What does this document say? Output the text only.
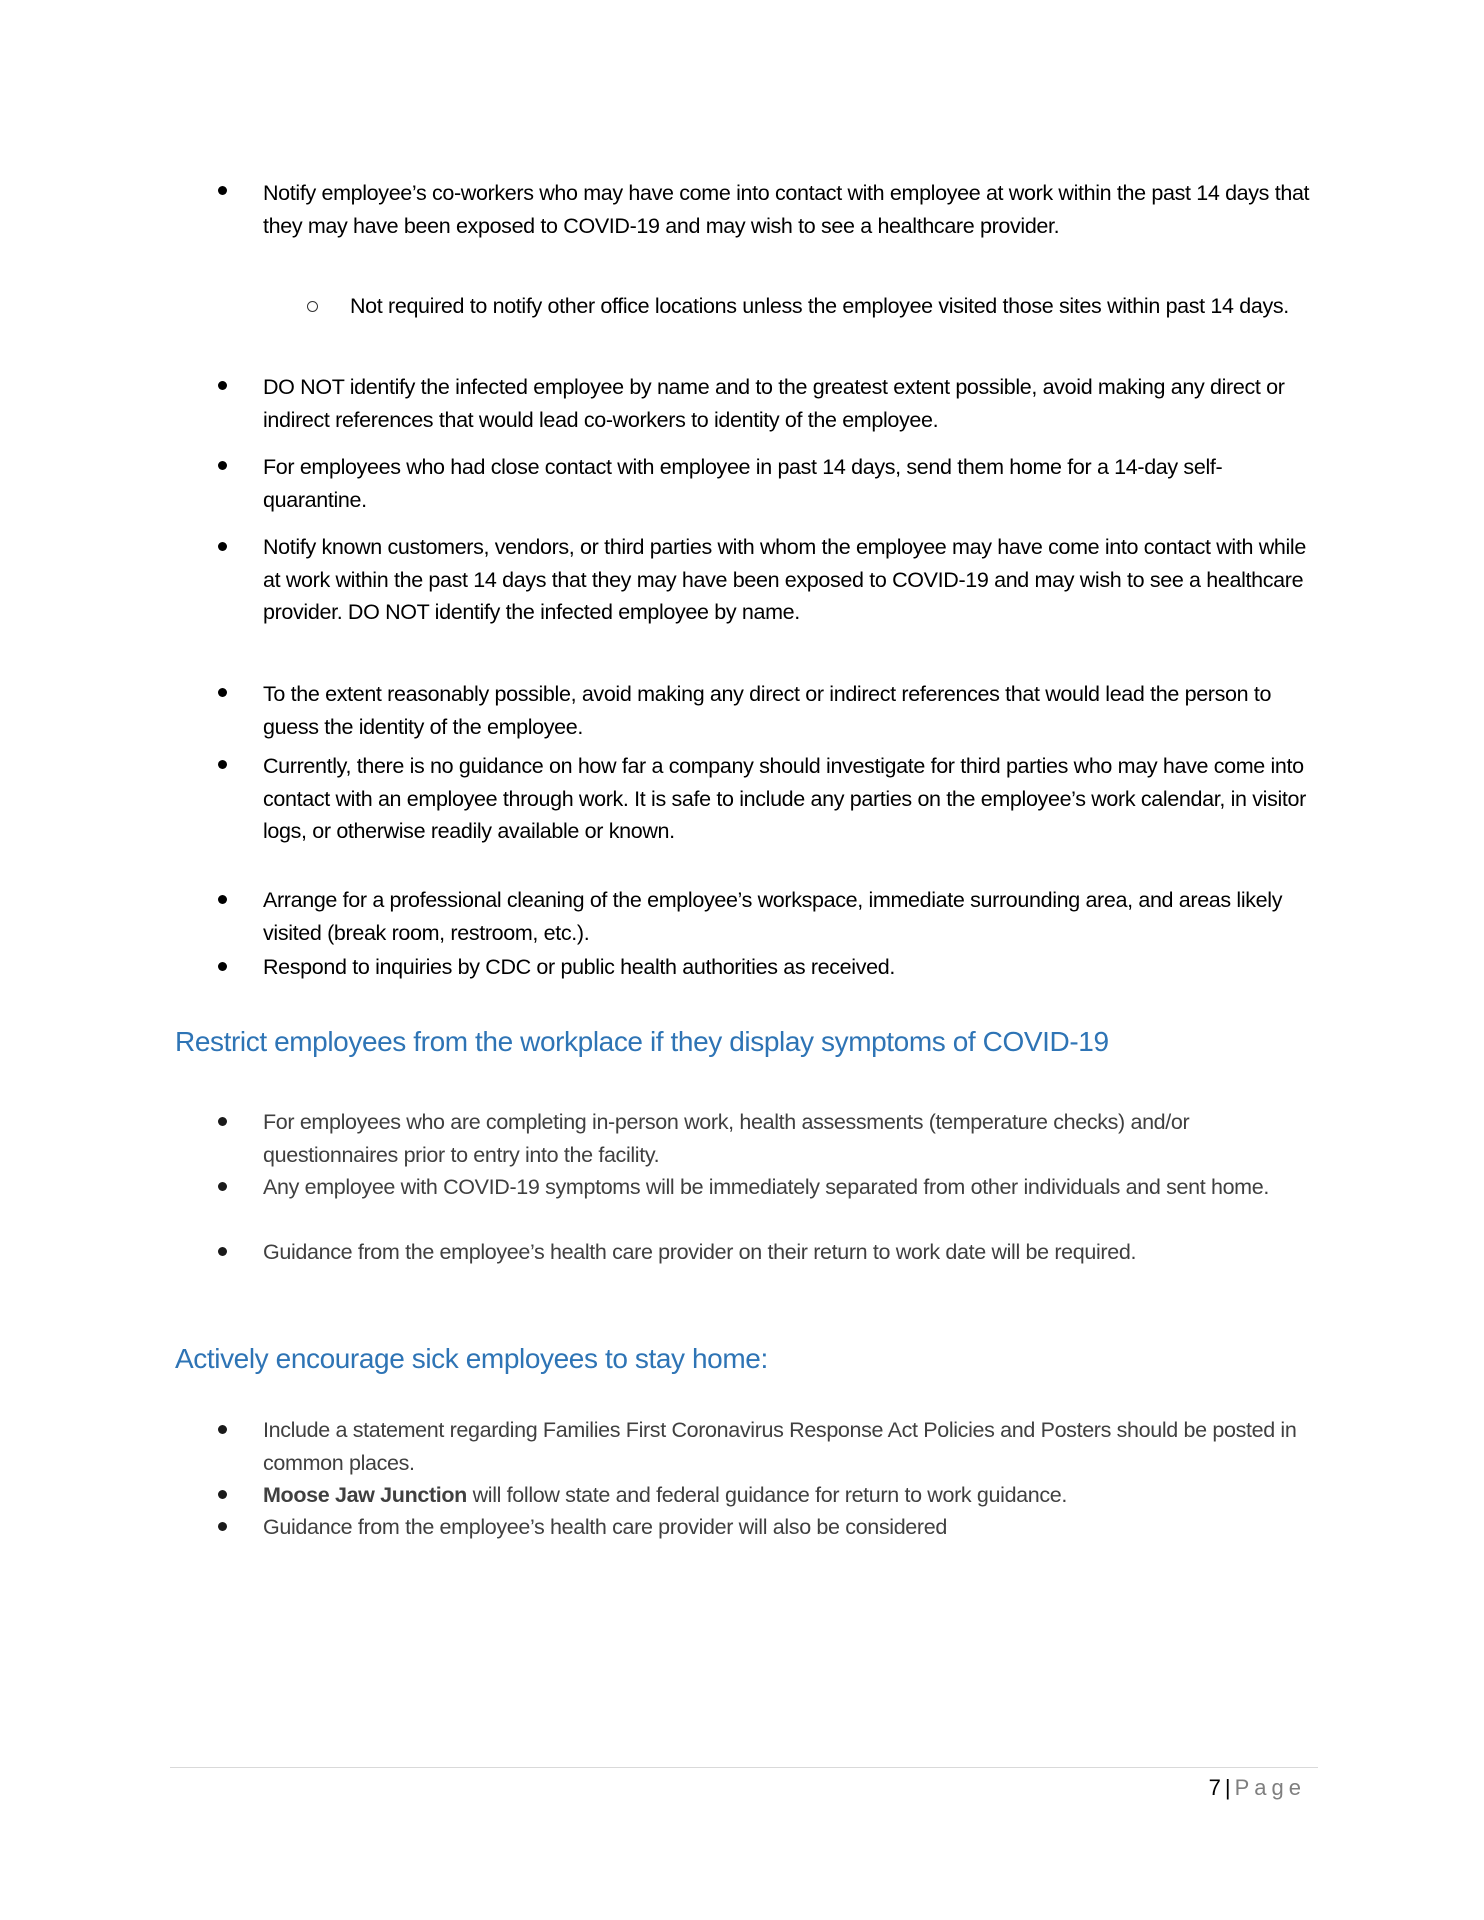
Notify employee’s co-workers who may have come into contact with employee at work within the past 14 days that they may have been exposed to COVID-19 and may wish to see a healthcare provider.
Not required to notify other office locations unless the employee visited those sites within past 14 days.
DO NOT identify the infected employee by name and to the greatest extent possible, avoid making any direct or indirect references that would lead co-workers to identity of the employee.
For employees who had close contact with employee in past 14 days, send them home for a 14-day self-quarantine.
Notify known customers, vendors, or third parties with whom the employee may have come into contact with while at work within the past 14 days that they may have been exposed to COVID-19 and may wish to see a healthcare provider. DO NOT identify the infected employee by name.
To the extent reasonably possible, avoid making any direct or indirect references that would lead the person to guess the identity of the employee.
Currently, there is no guidance on how far a company should investigate for third parties who may have come into contact with an employee through work. It is safe to include any parties on the employee’s work calendar, in visitor logs, or otherwise readily available or known.
Arrange for a professional cleaning of the employee’s workspace, immediate surrounding area, and areas likely visited (break room, restroom, etc.).
Respond to inquiries by CDC or public health authorities as received.
Restrict employees from the workplace if they display symptoms of COVID-19
For employees who are completing in-person work, health assessments (temperature checks) and/or questionnaires prior to entry into the facility.
Any employee with COVID-19 symptoms will be immediately separated from other individuals and sent home.
Guidance from the employee’s health care provider on their return to work date will be required.
Actively encourage sick employees to stay home:
Include a statement regarding Families First Coronavirus Response Act Policies and Posters should be posted in common places.
Moose Jaw Junction will follow state and federal guidance for return to work guidance.
Guidance from the employee’s health care provider will also be considered
7 | Page
